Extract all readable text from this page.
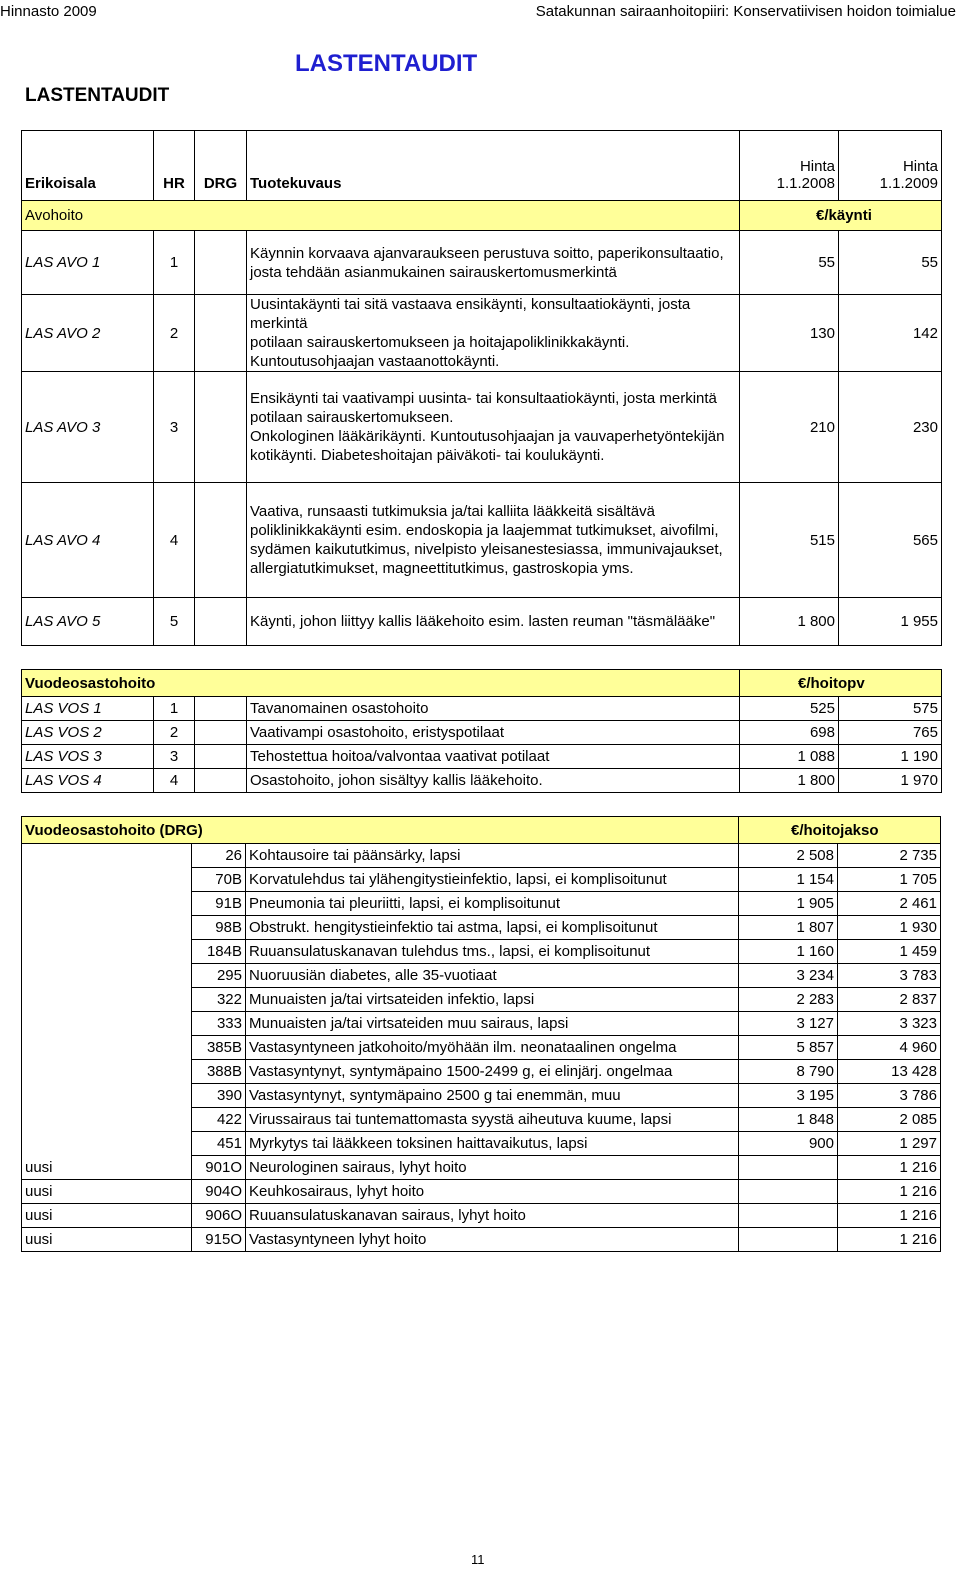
Hinnasto 2009	Satakunnan sairaanhoitopiiri: Konservatiivisen hoidon toimialue
LASTENTAUDIT
LASTENTAUDIT
Erikoisala	HR	DRG	Tuotekuvaus	Hinta 1.1.2008	Hinta 1.1.2009
Avohoito				€/käynti	
LAS AVO 1	1		Käynnin korvaava ajanvaraukseen perustuva soitto, paperikonsultaatio,
josta tehdään asianmukainen sairauskertomusmerkintä	55	55
LAS AVO 2	2		Uusintakäynti tai sitä vastaava ensikäynti, konsultaatiokäynti, josta merkintä
potilaan sairauskertomukseen ja hoitajapoliklinikkakäynti.
Kuntoutusohjaajan vastaanottokäynti.	130	142
LAS AVO 3	3		Ensikäynti tai vaativampi uusinta- tai konsultaatiokäynti, josta merkintä
potilaan sairauskertomukseen.
Onkologinen lääkärikäynti. Kuntoutusohjaajan ja vauvaperhetyöntekijän
kotikäynti. Diabeteshoitajan päiväkoti- tai koulukäynti.	210	230
LAS AVO 4	4		Vaativa, runsaasti tutkimuksia ja/tai kalliita lääkkeitä sisältävä
poliklinikkakäynti esim. endoskopia ja laajemmat tutkimukset, aivofilmi,
sydämen kaikututkimus, nivelpisto yleisanestesiassa, immunivajaukset,
allergiatutkimukset, magneettitutkimus, gastroskopia yms.	515	565
LAS AVO 5	5		Käynti, johon liittyy kallis lääkehoito esim. lasten reuman "täsmälääke"	1 800	1 955
Vuodeosastohoito				€/hoitopv	
LAS VOS 1	1		Tavanomainen osastohoito	525	575
LAS VOS 2	2		Vaativampi osastohoito, eristyspotilaat	698	765
LAS VOS 3	3		Tehostettua hoitoa/valvontaa vaativat potilaat	1 088	1 190
LAS VOS 4	4		Osastohoito, johon sisältyy kallis lääkehoito.	1 800	1 970
Vuodeosastohoito (DRG)			€/hoitojakso	
	26	Kohtausoire tai päänsärky, lapsi	2 508	2 735
	70B	Korvatulehdus tai ylähengitystieinfektio, lapsi, ei komplisoitunut	1 154	1 705
	91B	Pneumonia tai pleuriitti, lapsi, ei komplisoitunut	1 905	2 461
	98B	Obstrukt. hengitystieinfektio tai astma, lapsi, ei komplisoitunut	1 807	1 930
	184B	Ruuansulatuskanavan tulehdus tms., lapsi, ei komplisoitunut	1 160	1 459
	295	Nuoruusiän diabetes, alle 35-vuotiaat	3 234	3 783
	322	Munuaisten ja/tai virtsateiden infektio, lapsi	2 283	2 837
	333	Munuaisten ja/tai virtsateiden muu sairaus, lapsi	3 127	3 323
	385B	Vastasyntyneen jatkohoito/myöhään ilm. neonataalinen ongelma	5 857	4 960
	388B	Vastasyntynyt, syntymäpaino 1500-2499 g, ei elinjärj. ongelmaa	8 790	13 428
	390	Vastasyntynyt, syntymäpaino 2500 g tai enemmän, muu	3 195	3 786
	422	Virussairaus tai tuntemattomasta syystä aiheutuva kuume, lapsi	1 848	2 085
	451	Myrkytys tai lääkkeen toksinen haittavaikutus, lapsi	900	1 297
uusi	901O	Neurologinen sairaus, lyhyt hoito		1 216
uusi	904O	Keuhkosairaus, lyhyt hoito		1 216
uusi	906O	Ruuansulatuskanavan sairaus, lyhyt hoito		1 216
uusi	915O	Vastasyntyneen lyhyt hoito		1 216
11
